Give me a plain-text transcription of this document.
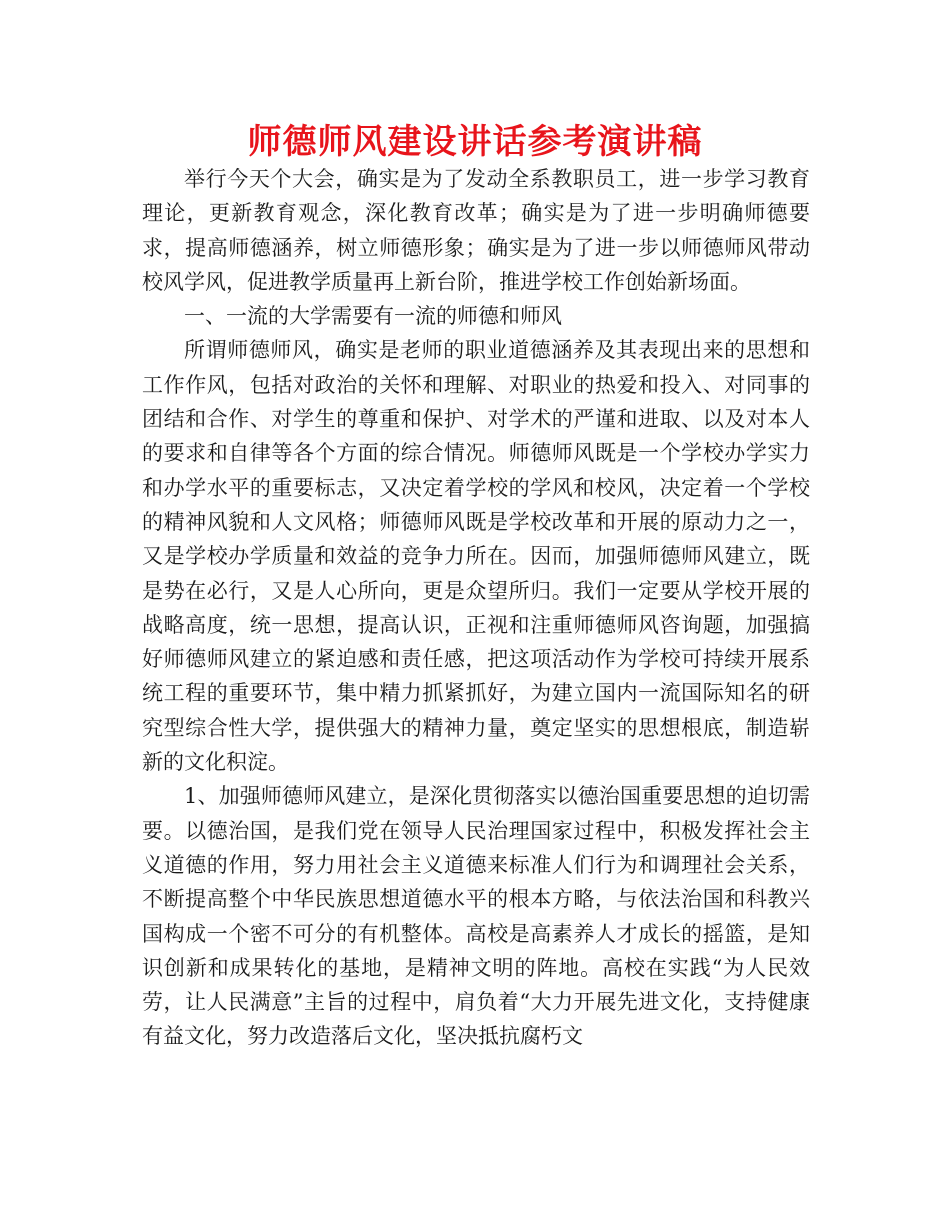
师德师风建设讲话参考演讲稿

举行今天个大会，确实是为了发动全系教职员工，进一步学习教育理论，更新教育观念，深化教育改革；确实是为了进一步明确师德要求，提高师德涵养，树立师德形象；确实是为了进一步以师德师风带动校风学风，促进教学质量再上新台阶，推进学校工作创始新场面。

一、一流的大学需要有一流的师德和师风

所谓师德师风，确实是老师的职业道德涵养及其表现出来的思想和工作作风，包括对政治的关怀和理解、对职业的热爱和投入、对同事的团结和合作、对学生的尊重和保护、对学术的严谨和进取、以及对本人的要求和自律等各个方面的综合情况。师德师风既是一个学校办学实力和办学水平的重要标志，又决定着学校的学风和校风，决定着一个学校的精神风貌和人文风格；师德师风既是学校改革和开展的原动力之一，又是学校办学质量和效益的竞争力所在。因而，加强师德师风建立，既是势在必行，又是人心所向，更是众望所归。我们一定要从学校开展的战略高度，统一思想，提高认识，正视和注重师德师风咨询题，加强搞好师德师风建立的紧迫感和责任感，把这项活动作为学校可持续开展系统工程的重要环节，集中精力抓紧抓好，为建立国内一流国际知名的研究型综合性大学，提供强大的精神力量，奠定坚实的思想根底，制造崭新的文化积淀。

1、加强师德师风建立，是深化贯彻落实以德治国重要思想的迫切需要。以德治国，是我们党在领导人民治理国家过程中，积极发挥社会主义道德的作用，努力用社会主义道德来标准人们行为和调理社会关系，不断提高整个中华民族思想道德水平的根本方略，与依法治国和科教兴国构成一个密不可分的有机整体。高校是高素养人才成长的摇篮，是知识创新和成果转化的基地，是精神文明的阵地。高校在实践“为人民效劳，让人民满意”主旨的过程中，肩负着“大力开展先进文化，支持健康有益文化，努力改造落后文化，坚决抵抗腐朽文
